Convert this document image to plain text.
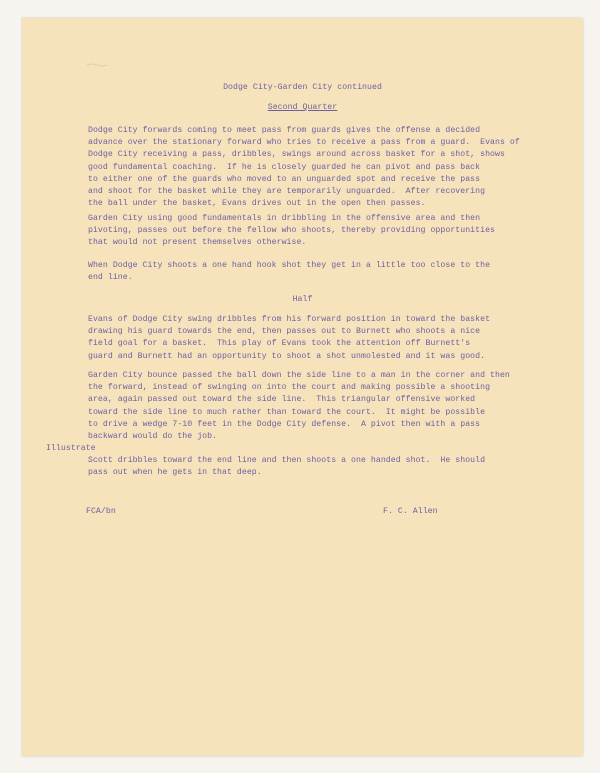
Dodge City-Garden City continued
Second Quarter
Dodge City forwards coming to meet pass from guards gives the offense a decided
advance over the stationary forward who tries to receive a pass from a guard.  Evans of
Dodge City receiving a pass, dribbles, swings around across basket for a shot, shows
good fundamental coaching.  If he is closely guarded he can pivot and pass back
to either one of the guards who moved to an unguarded spot and receive the pass
and shoot for the basket while they are temporarily unguarded.  After recovering
the ball under the basket, Evans drives out in the open then passes.
Garden City using good fundamentals in dribbling in the offensive area and then
pivoting, passes out before the fellow who shoots, thereby providing opportunities
that would not present themselves otherwise.
When Dodge City shoots a one hand hook shot they get in a little too close to the
end line.
Half
Evans of Dodge City swing dribbles from his forward position in toward the basket
drawing his guard towards the end, then passes out to Burnett who shoots a nice
field goal for a basket.  This play of Evans took the attention off Burnett's
guard and Burnett had an opportunity to shoot a shot unmolested and it was good.
Garden City bounce passed the ball down the side line to a man in the corner and then
the forward, instead of swinging on into the court and making possible a shooting
area, again passed out toward the side line.  This triangular offensive worked
toward the side line to much rather than toward the court.  It might be possible
to drive a wedge 7-10 feet in the Dodge City defense.  A pivot then with a pass
backward would do the job.
Illustrate
Scott dribbles toward the end line and then shoots a one handed shot.  He should
pass out when he gets in that deep.
FCA/bn	F. C. Allen
